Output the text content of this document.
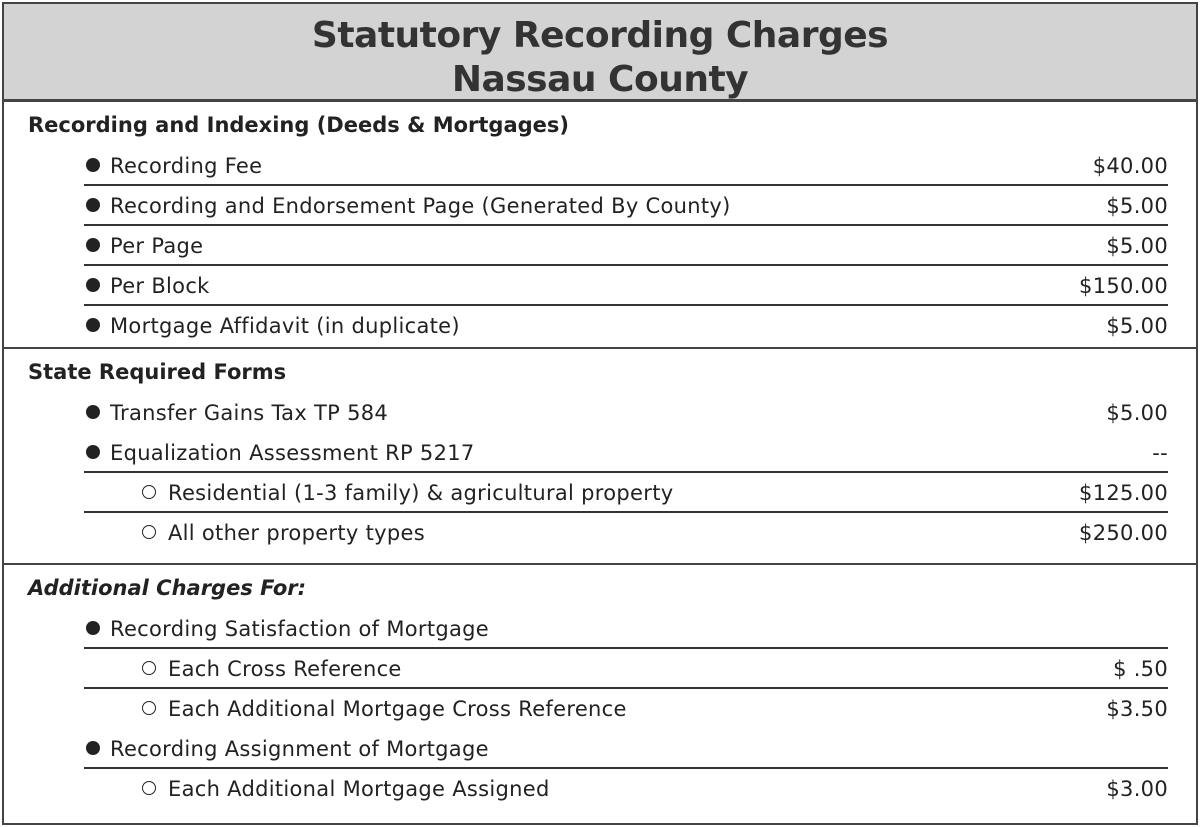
Statutory Recording Charges
Nassau County
Recording and Indexing (Deeds & Mortgages)
Recording Fee	$40.00
Recording and Endorsement Page (Generated By County)	$5.00
Per Page	$5.00
Per Block	$150.00
Mortgage Affidavit (in duplicate)	$5.00
State Required Forms
Transfer Gains Tax TP 584	$5.00
Equalization Assessment RP 5217	--
Residential (1-3 family) & agricultural property	$125.00
All other property types	$250.00
Additional Charges For:
Recording Satisfaction of Mortgage
Each Cross Reference	$ .50
Each Additional Mortgage Cross Reference	$3.50
Recording Assignment of Mortgage
Each Additional Mortgage Assigned	$3.00
